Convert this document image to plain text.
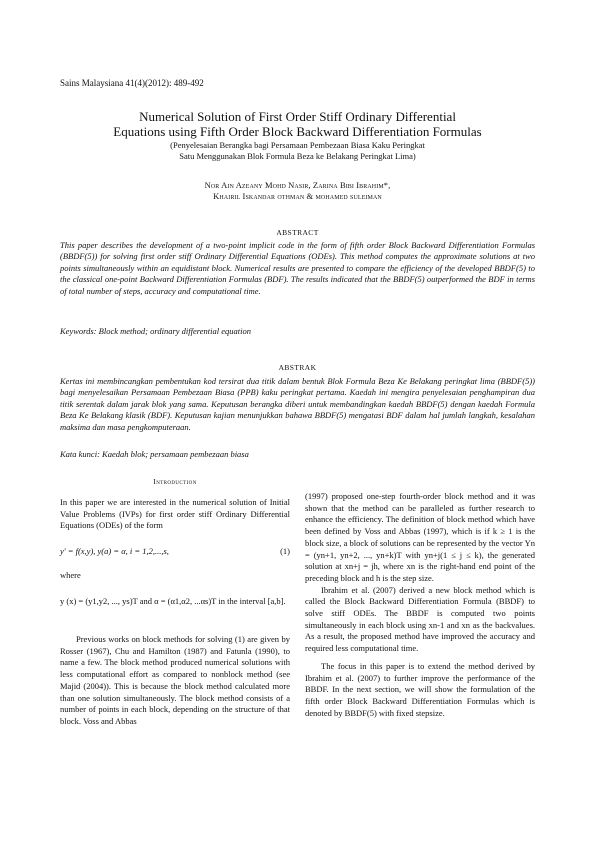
Sains Malaysiana 41(4)(2012): 489-492
Numerical Solution of First Order Stiff Ordinary Differential
Equations using Fifth Order Block Backward Differentiation Formulas
(Penyelesaian Berangka bagi Persamaan Pembezaan Biasa Kaku Peringkat
Satu Menggunakan Blok Formula Beza ke Belakang Peringkat Lima)
Nor Ain Azeany Mohd Nasir, Zarina Bibi Ibrahim*,
Khairil Iskandar othman & mohamed suleiman
ABSTRACT
This paper describes the development of a two-point implicit code in the form of fifth order Block Backward Differentiation Formulas (BBDF(5)) for solving first order stiff Ordinary Differential Equations (ODEs). This method computes the approximate solutions at two points simultaneously within an equidistant block. Numerical results are presented to compare the efficiency of the developed BBDF(5) to the classical one-point Backward Differentiation Formulas (BDF). The results indicated that the BBDF(5) outperformed the BDF in terms of total number of steps, accuracy and computational time.
Keywords: Block method; ordinary differential equation
ABSTRAK
Kertas ini membincangkan pembentukan kod tersirat dua titik dalam bentuk Blok Formula Beza Ke Belakang peringkat lima (BBDF(5)) bagi menyelesaikan Persamaan Pembezaan Biasa (PPB) kaku peringkat pertama. Kaedah ini mengira penyelesaian penghampiran dua titik serentak dalam jarak blok yang sama. Keputusan berangka diberi untuk membandingkan kaedah BBDF(5) dengan kaedah Formula Beza Ke Belakang klasik (BDF). Keputusan kajian menunjukkan bahawa BBDF(5) mengatasi BDF dalam hal jumlah langkah, kesalahan maksima dan masa pengkomputeraan.
Kata kunci: Kaedah blok; persamaan pembezaan biasa
Introduction

In this paper we are interested in the numerical solution of Initial Value Problems (IVPs) for first order stiff Ordinary Differential Equations (ODEs) of the form

y' = f(x,y), y(a) = α, i = 1,2,...,s,	(1)
where
y (x) = (y1,y2, ..., ys)T and α = (α1,α2, ...αs)T in the interval [a,b].

Previous works on block methods for solving (1) are given by Rosser (1967), Chu and Hamilton (1987) and Fatunla (1990), to name a few. The block method produced numerical solutions with less computational effort as compared to nonblock method (see Majid (2004)). This is because the block method calculated more than one solution simultaneously. The block method consists of a number of points in each block, depending on the structure of that block. Voss and Abbas

(1997) proposed one-step fourth-order block method and it was shown that the method can be paralleled as further research to enhance the efficiency. The definition of block method which have been defined by Voss and Abbas (1997), which is if k ≥ 1 is the block size, a block of solutions can be represented by the vector Yn = (yn+1, yn+2, ..., yn+k)T with yn+j(1 ≤ j ≤ k), the generated solution at xn+j = jh, where xn is the right-hand end point of the preceding block and h is the step size.

Ibrahim et al. (2007) derived a new block method which is called the Block Backward Differentiation Formula (BBDF) to solve stiff ODEs. The BBDF is computed two points simultaneously in each block using xn-1 and xn as the backvalues. As a result, the proposed method have improved the accuracy and required less computational time.

The focus in this paper is to extend the method derived by Ibrahim et al. (2007) to further improve the performance of the BBDF. In the next section, we will show the formulation of the fifth order Block Backward Differentiation Formulas which is denoted by BBDF(5) with fixed stepsize.
